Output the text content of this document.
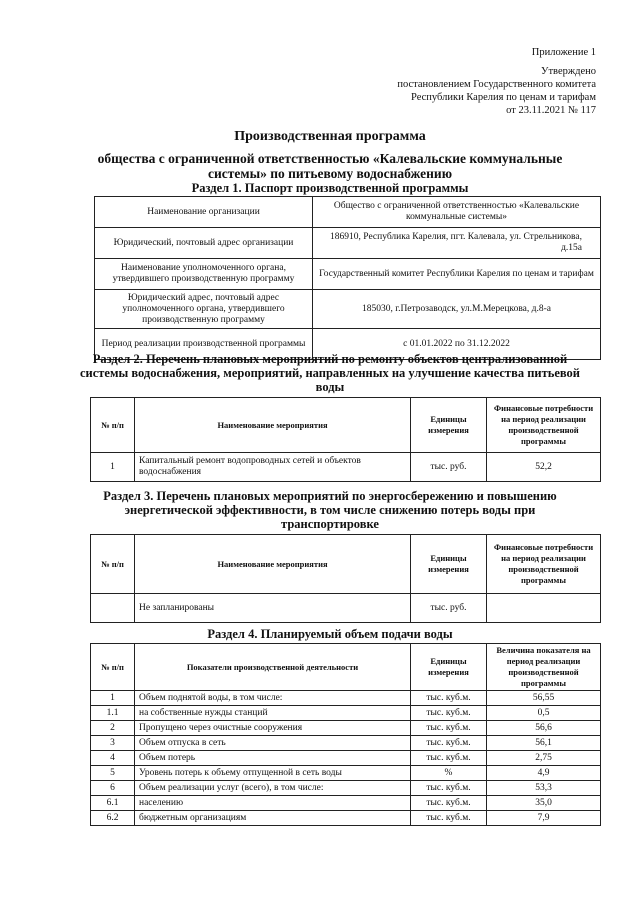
Приложение 1
Утверждено
постановлением Государственного комитета
Республики Карелия по ценам и тарифам
от 23.11.2021 № 117
Производственная программа
общества с ограниченной ответственностью «Калевальские коммунальные
системы» по питьевому водоснабжению
Раздел 1. Паспорт производственной программы
Наименование организации	Общество с ограниченной ответственностью «Калевальские коммунальные системы»
Юридический, почтовый адрес организации	186910, Республика Карелия, пгт. Калевала, ул. Стрельникова, д.15а
Наименование уполномоченного органа, утвердившего производственную программу	Государственный комитет Республики Карелия по ценам и тарифам
Юридический адрес, почтовый адрес уполномоченного органа, утвердившего производственную программу	185030, г.Петрозаводск, ул.М.Мерецкова, д.8-а
Период реализации производственной программы	с 01.01.2022 по 31.12.2022
Раздел 2. Перечень плановых мероприятий по ремонту объектов централизованной системы водоснабжения, мероприятий, направленных на улучшение качества питьевой воды
№ п/п	Наименование мероприятия	Единицы измерения	Финансовые потребности на период реализации производственной программы
1	Капитальный ремонт водопроводных сетей и объектов водоснабжения	тыс. руб.	52,2
Раздел 3. Перечень плановых мероприятий по энергосбережению и повышению энергетической эффективности, в том числе снижению потерь воды при транспортировке
№ п/п	Наименование мероприятия	Единицы измерения	Финансовые потребности на период реализации производственной программы
	Не запланированы	тыс. руб.	
Раздел 4. Планируемый объем подачи воды
№ п/п	Показатели производственной деятельности	Единицы измерения	Величина показателя на период реализации производственной программы
1	Объем поднятой воды, в том числе:	тыс. куб.м.	56,55
1.1	на собственные нужды станций	тыс. куб.м.	0,5
2	Пропущено через очистные сооружения	тыс. куб.м.	56,6
3	Объем отпуска в сеть	тыс. куб.м.	56,1
4	Объем потерь	тыс. куб.м.	2,75
5	Уровень потерь к объему отпущенной в сеть воды	%	4,9
6	Объем реализации услуг (всего), в том числе:	тыс. куб.м.	53,3
6.1	населению	тыс. куб.м.	35,0
6.2	бюджетным организациям	тыс. куб.м.	7,9
